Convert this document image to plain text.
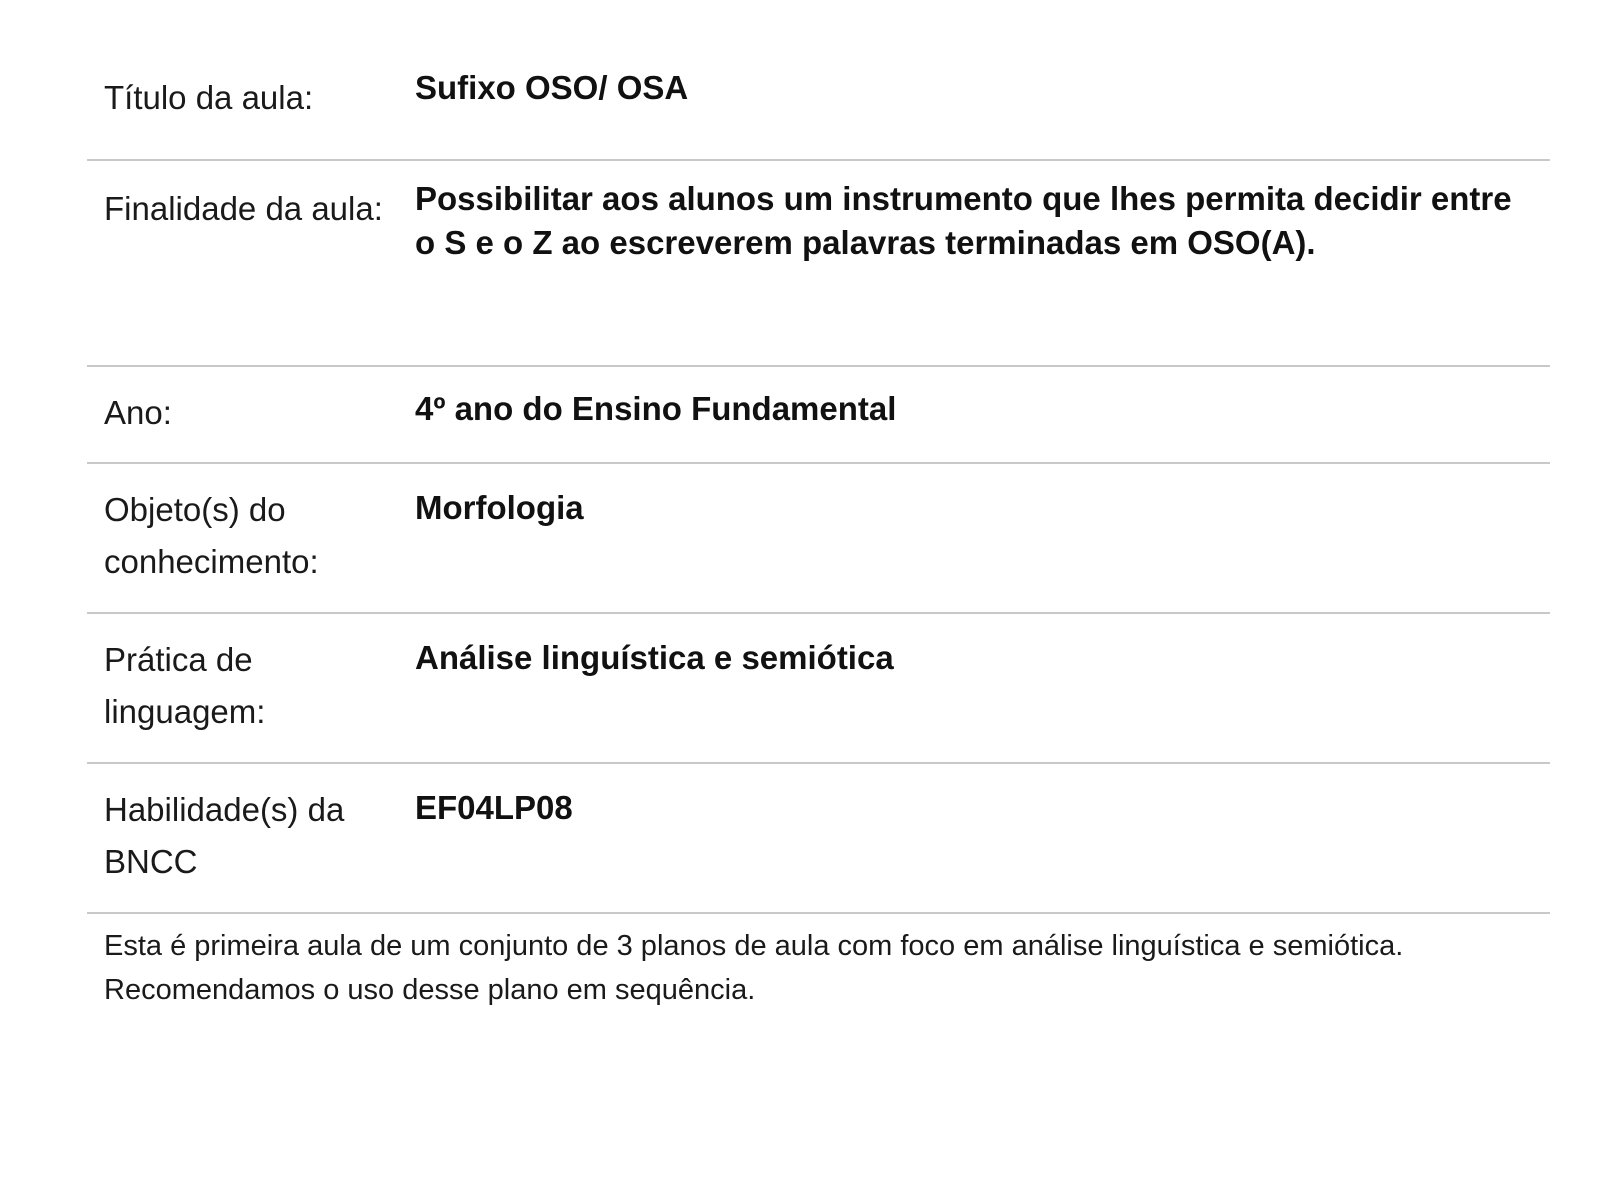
Título da aula:	Sufixo OSO/ OSA
Finalidade da aula: Possibilitar aos alunos um instrumento que lhes permita decidir entre o S e o Z ao escreverem palavras terminadas em OSO(A).
Ano:	4º ano do Ensino Fundamental
Objeto(s) do conhecimento:
Morfologia
Prática de linguagem:
Análise linguística e semiótica
Habilidade(s) da BNCC
EF04LP08

Esta é primeira aula de um conjunto de 3 planos de aula com foco em análise linguística e semiótica. Recomendamos o uso desse plano em sequência.
